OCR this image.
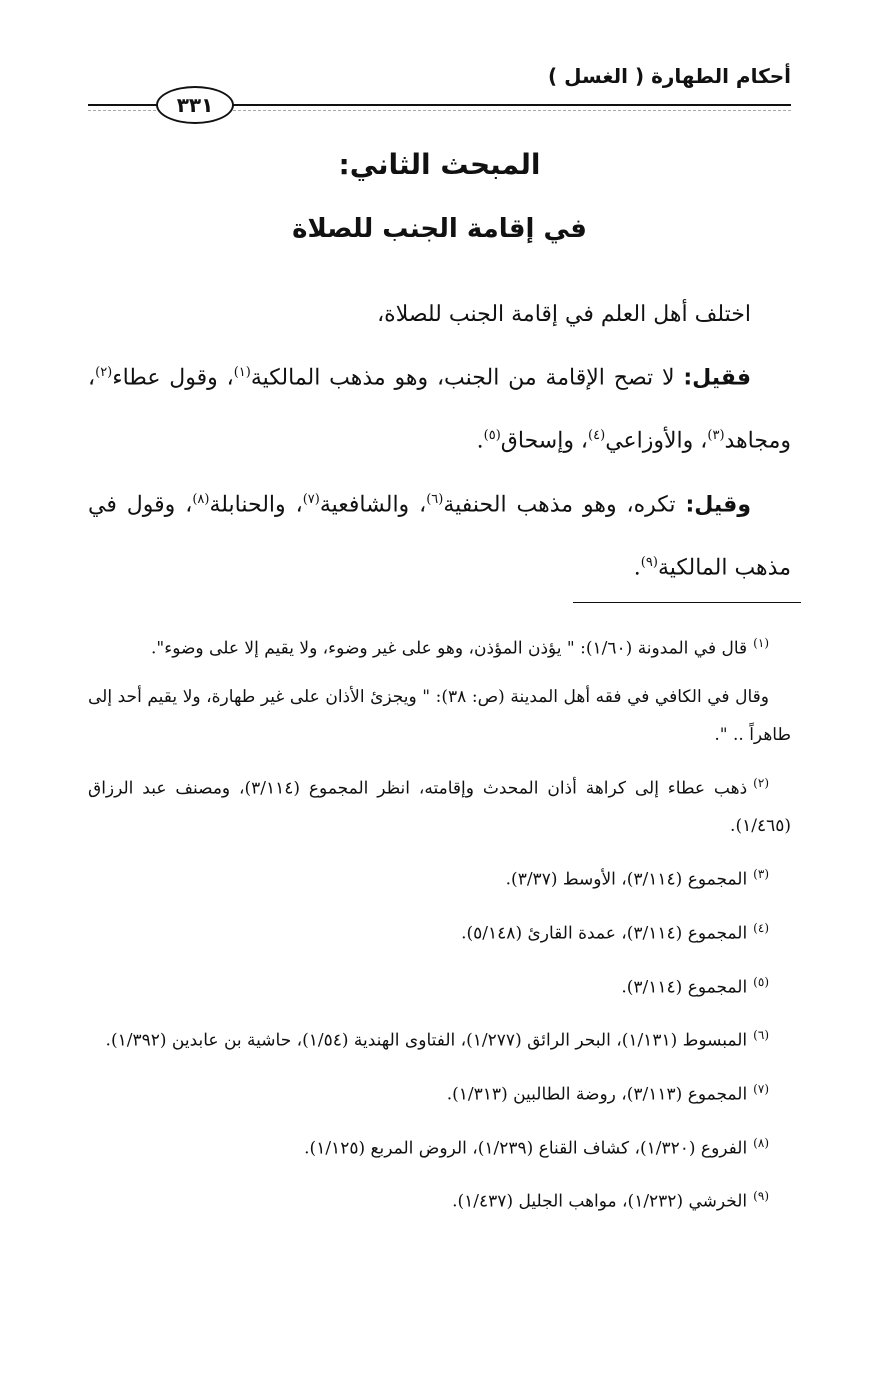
أحكام الطهارة ( الغسل )
٣٣١
المبحث الثاني:
في إقامة الجنب للصلاة

اختلف أهل العلم في إقامة الجنب للصلاة،

فقيل: لا تصح الإقامة من الجنب، وهو مذهب المالكية$^{(١)}$، وقول عطاء$^{(٢)}$، ومجاهد$^{(٣)}$، والأوزاعي$^{(٤)}$، وإسحاق$^{(٥)}$.

وقيل: تكره، وهو مذهب الحنفية$^{(٦)}$، والشافعية$^{(٧)}$، والحنابلة$^{(٨)}$، وقول في مذهب المالكية$^{(٩)}$.

$^{(١)}$قال في المدونة (١/٦٠): " يؤذن المؤذن، وهو على غير وضوء، ولا يقيم إلا على وضوء".

وقال في الكافي في فقه أهل المدينة (ص: ٣٨): " ويجزئ الأذان على غير طهارة، ولا يقيم أحد إلى طاهراً .. ".

$^{(٢)}$ذهب عطاء إلى كراهة أذان المحدث وإقامته، انظر المجموع (٣/١١٤)، ومصنف عبد الرزاق (١/٤٦٥).

$^{(٣)}$المجموع (٣/١١٤)، الأوسط (٣/٣٧).

$^{(٤)}$المجموع (٣/١١٤)، عمدة القارئ (٥/١٤٨).

$^{(٥)}$المجموع (٣/١١٤).

$^{(٦)}$المبسوط (١/١٣١)، البحر الرائق (١/٢٧٧)، الفتاوى الهندية (١/٥٤)، حاشية بن عابدين (١/٣٩٢).

$^{(٧)}$المجموع (٣/١١٣)، روضة الطالبين (١/٣١٣).

$^{(٨)}$الفروع (١/٣٢٠)، كشاف القناع (١/٢٣٩)، الروض المربع (١/١٢٥).

$^{(٩)}$الخرشي (١/٢٣٢)، مواهب الجليل (١/٤٣٧).
